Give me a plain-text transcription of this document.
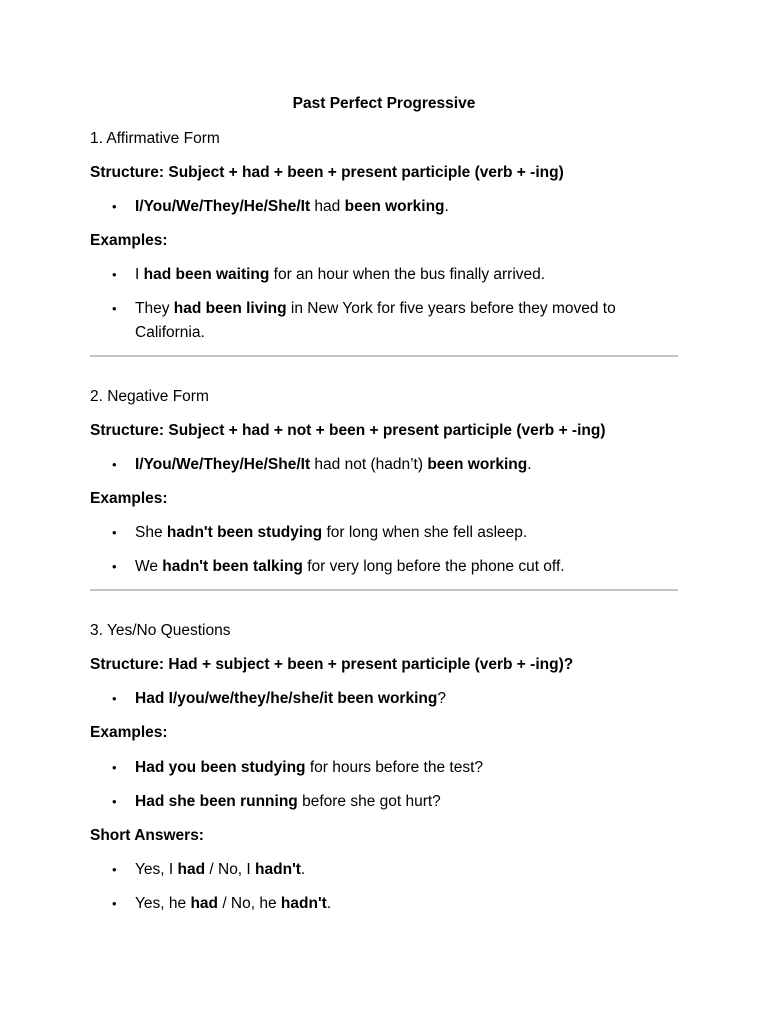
Past Perfect Progressive
1. Affirmative Form
Structure: Subject + had + been + present participle (verb + -ing)
•	I/You/We/They/He/She/It had been working.
Examples:
•	I had been waiting for an hour when the bus finally arrived.
•	They had been living in New York for five years before they moved to California.
2. Negative Form
Structure: Subject + had + not + been + present participle (verb + -ing)
•	I/You/We/They/He/She/It had not (hadn’t) been working.
Examples:
•	She hadn't been studying for long when she fell asleep.
•	We hadn't been talking for very long before the phone cut off.
3. Yes/No Questions
Structure: Had + subject + been + present participle (verb + -ing)?
•	Had I/you/we/they/he/she/it been working?
Examples:
•	Had you been studying for hours before the test?
•	Had she been running before she got hurt?
Short Answers:
•	Yes, I had / No, I hadn't.
•	Yes, he had / No, he hadn't.
